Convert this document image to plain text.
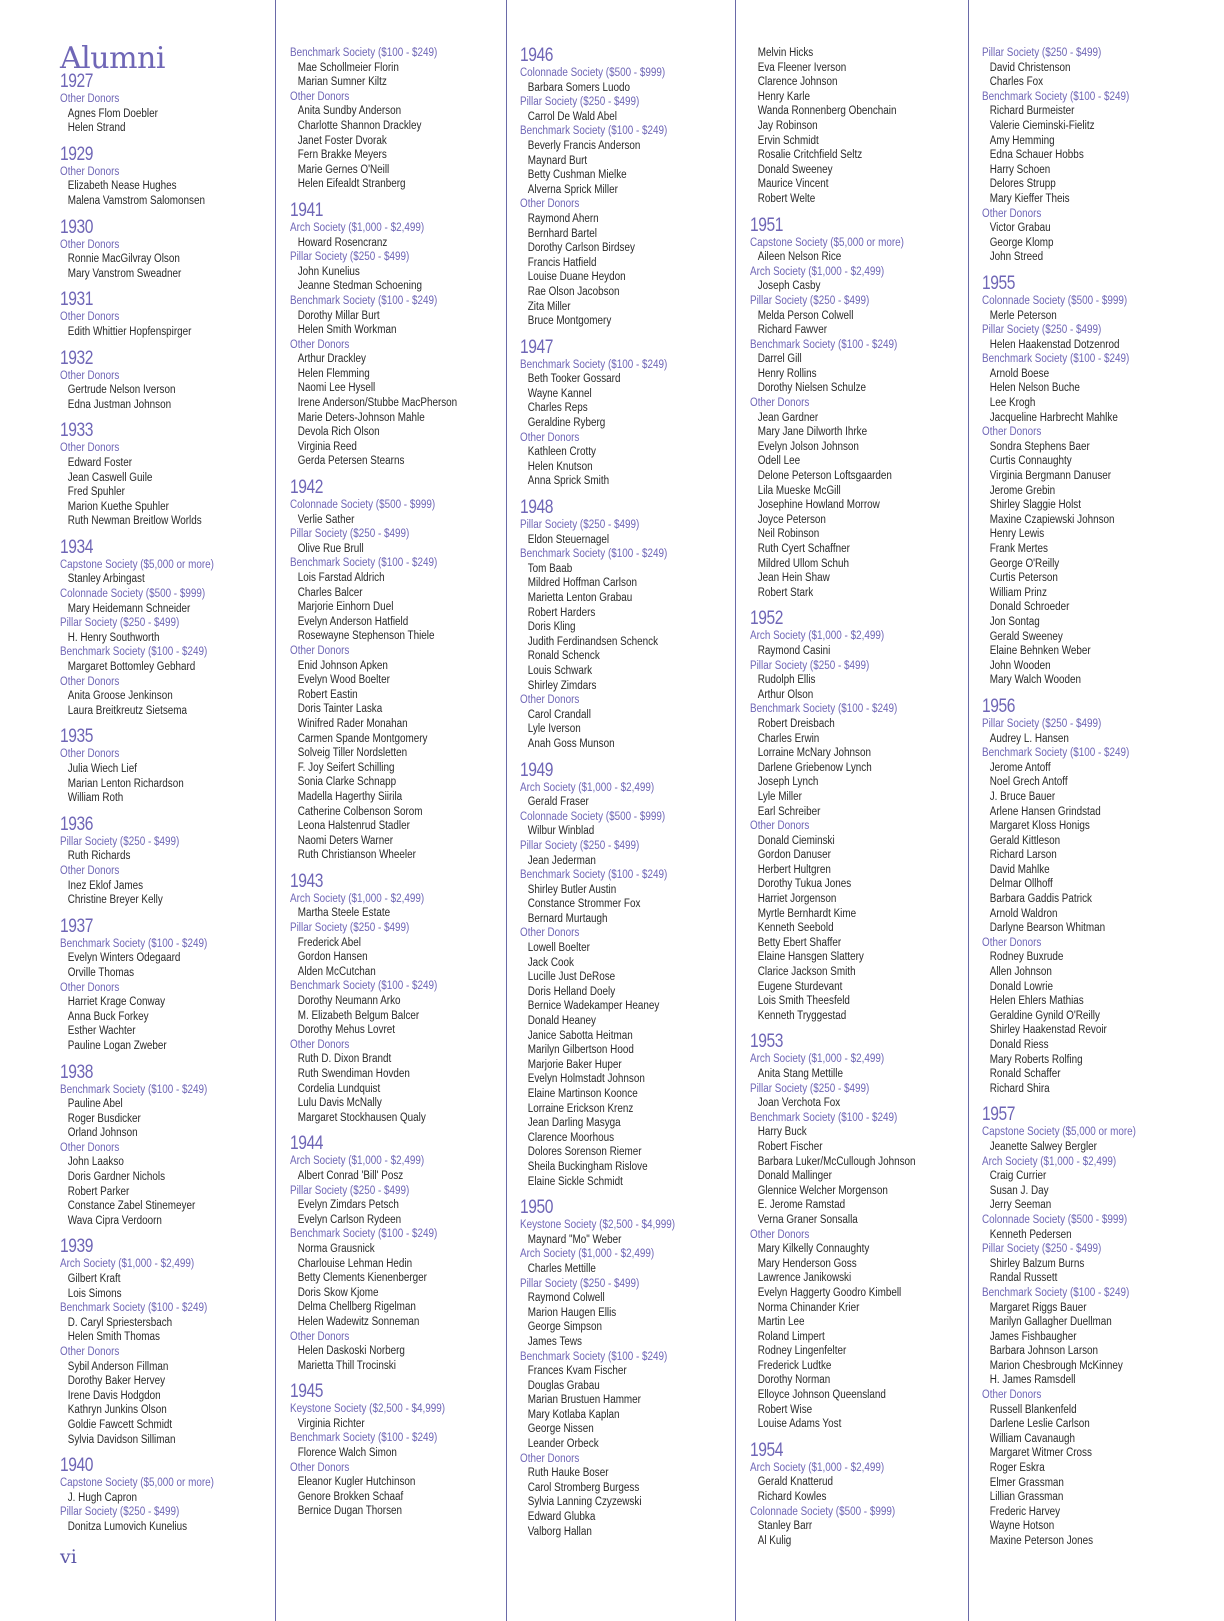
Alumni
1927
Other Donors
Agnes Flom Doebler
Helen Strand
1929
Other Donors
Elizabeth Nease Hughes
Malena Vamstrom Salomonsen
1930
Other Donors
Ronnie MacGilvray Olson
Mary Vanstrom Sweadner
1931
Other Donors
Edith Whittier Hopfenspirger
1932
Other Donors
Gertrude Nelson Iverson
Edna Justman Johnson
1933
Other Donors
Edward Foster
Jean Caswell Guile
Fred Spuhler
Marion Kuethe Spuhler
Ruth Newman Breitlow Worlds
1934
Capstone Society ($5,000 or more)
Stanley Arbingast
Colonnade Society ($500 - $999)
Mary Heidemann Schneider
Pillar Society ($250 - $499)
H. Henry Southworth
Benchmark Society ($100 - $249)
Margaret Bottomley Gebhard
Other Donors
Anita Groose Jenkinson
Laura Breitkreutz Sietsema
1935
Other Donors
Julia Wiech Lief
Marian Lenton Richardson
William Roth
1936
Pillar Society ($250 - $499)
Ruth Richards
Other Donors
Inez Eklof James
Christine Breyer Kelly
1937
Benchmark Society ($100 - $249)
Evelyn Winters Odegaard
Orville Thomas
Other Donors
Harriet Krage Conway
Anna Buck Forkey
Esther Wachter
Pauline Logan Zweber
1938
Benchmark Society ($100 - $249)
Pauline Abel
Roger Busdicker
Orland Johnson
Other Donors
John Laakso
Doris Gardner Nichols
Robert Parker
Constance Zabel Stinemeyer
Wava Cipra Verdoorn
1939
Arch Society ($1,000 - $2,499)
Gilbert Kraft
Lois Simons
Benchmark Society ($100 - $249)
D. Caryl Spriestersbach
Helen Smith Thomas
Other Donors
Sybil Anderson Fillman
Dorothy Baker Hervey
Irene Davis Hodgdon
Kathryn Junkins Olson
Goldie Fawcett Schmidt
Sylvia Davidson Silliman
1940
Capstone Society ($5,000 or more)
J. Hugh Capron
Pillar Society ($250 - $499)
Donitza Lumovich Kunelius
Benchmark Society ($100 - $249)
Mae Schollmeier Florin
Marian Sumner Kiltz
Other Donors
Anita Sundby Anderson
Charlotte Shannon Drackley
Janet Foster Dvorak
Fern Brakke Meyers
Marie Gernes O'Neill
Helen Eifealdt Stranberg
1941
Arch Society ($1,000 - $2,499)
Howard Rosencranz
Pillar Society ($250 - $499)
John Kunelius
Jeanne Stedman Schoening
Benchmark Society ($100 - $249)
Dorothy Millar Burt
Helen Smith Workman
Other Donors
Arthur Drackley
Helen Flemming
Naomi Lee Hysell
Irene Anderson/Stubbe MacPherson
Marie Deters-Johnson Mahle
Devola Rich Olson
Virginia Reed
Gerda Petersen Stearns
1942
Colonnade Society ($500 - $999)
Verlie Sather
Pillar Society ($250 - $499)
Olive Rue Brull
Benchmark Society ($100 - $249)
Lois Farstad Aldrich
Charles Balcer
Marjorie Einhorn Duel
Evelyn Anderson Hatfield
Rosewayne Stephenson Thiele
Other Donors
Enid Johnson Apken
Evelyn Wood Boelter
Robert Eastin
Doris Tainter Laska
Winifred Rader Monahan
Carmen Spande Montgomery
Solveig Tiller Nordsletten
F. Joy Seifert Schilling
Sonia Clarke Schnapp
Madella Hagerthy Siirila
Catherine Colbenson Sorom
Leona Halstenrud Stadler
Naomi Deters Warner
Ruth Christianson Wheeler
1943
Arch Society ($1,000 - $2,499)
Martha Steele Estate
Pillar Society ($250 - $499)
Frederick Abel
Gordon Hansen
Alden McCutchan
Benchmark Society ($100 - $249)
Dorothy Neumann Arko
M. Elizabeth Belgum Balcer
Dorothy Mehus Lovret
Other Donors
Ruth D. Dixon Brandt
Ruth Swendiman Hovden
Cordelia Lundquist
Lulu Davis McNally
Margaret Stockhausen Qualy
1944
Arch Society ($1,000 - $2,499)
Albert Conrad 'Bill' Posz
Pillar Society ($250 - $499)
Evelyn Zimdars Petsch
Evelyn Carlson Rydeen
Benchmark Society ($100 - $249)
Norma Grausnick
Charlouise Lehman Hedin
Betty Clements Kienenberger
Doris Skow Kjome
Delma Chellberg Rigelman
Helen Wadewitz Sonneman
Other Donors
Helen Daskoski Norberg
Marietta Thill Trocinski
1945
Keystone Society ($2,500 - $4,999)
Virginia Richter
Benchmark Society ($100 - $249)
Florence Walch Simon
Other Donors
Eleanor Kugler Hutchinson
Genore Brokken Schaaf
Bernice Dugan Thorsen
1946
Colonnade Society ($500 - $999)
Barbara Somers Luodo
Pillar Society ($250 - $499)
Carrol De Wald Abel
Benchmark Society ($100 - $249)
Beverly Francis Anderson
Maynard Burt
Betty Cushman Mielke
Alverna Sprick Miller
Other Donors
Raymond Ahern
Bernhard Bartel
Dorothy Carlson Birdsey
Francis Hatfield
Louise Duane Heydon
Rae Olson Jacobson
Zita Miller
Bruce Montgomery
1947
Benchmark Society ($100 - $249)
Beth Tooker Gossard
Wayne Kannel
Charles Reps
Geraldine Ryberg
Other Donors
Kathleen Crotty
Helen Knutson
Anna Sprick Smith
1948
Pillar Society ($250 - $499)
Eldon Steuernagel
Benchmark Society ($100 - $249)
Tom Baab
Mildred Hoffman Carlson
Marietta Lenton Grabau
Robert Harders
Doris Kling
Judith Ferdinandsen Schenck
Ronald Schenck
Louis Schwark
Shirley Zimdars
Other Donors
Carol Crandall
Lyle Iverson
Anah Goss Munson
1949
Arch Society ($1,000 - $2,499)
Gerald Fraser
Colonnade Society ($500 - $999)
Wilbur Winblad
Pillar Society ($250 - $499)
Jean Jederman
Benchmark Society ($100 - $249)
Shirley Butler Austin
Constance Strommer Fox
Bernard Murtaugh
Other Donors
Lowell Boelter
Jack Cook
Lucille Just DeRose
Doris Helland Doely
Bernice Wadekamper Heaney
Donald Heaney
Janice Sabotta Heitman
Marilyn Gilbertson Hood
Marjorie Baker Huper
Evelyn Holmstadt Johnson
Elaine Martinson Koonce
Lorraine Erickson Krenz
Jean Darling Masyga
Clarence Moorhous
Dolores Sorenson Riemer
Sheila Buckingham Rislove
Elaine Sickle Schmidt
1950
Keystone Society ($2,500 - $4,999)
Maynard "Mo" Weber
Arch Society ($1,000 - $2,499)
Charles Mettille
Pillar Society ($250 - $499)
Raymond Colwell
Marion Haugen Ellis
George Simpson
James Tews
Benchmark Society ($100 - $249)
Frances Kvam Fischer
Douglas Grabau
Marian Brustuen Hammer
Mary Kotlaba Kaplan
George Nissen
Leander Orbeck
Other Donors
Ruth Hauke Boser
Carol Stromberg Burgess
Sylvia Lanning Czyzewski
Edward Glubka
Valborg Hallan
Melvin Hicks
Eva Fleener Iverson
Clarence Johnson
Henry Karle
Wanda Ronnenberg Obenchain
Jay Robinson
Ervin Schmidt
Rosalie Critchfield Seltz
Donald Sweeney
Maurice Vincent
Robert Welte
1951
Capstone Society ($5,000 or more)
Aileen Nelson Rice
Arch Society ($1,000 - $2,499)
Joseph Casby
Pillar Society ($250 - $499)
Melda Person Colwell
Richard Fawver
Benchmark Society ($100 - $249)
Darrel Gill
Henry Rollins
Dorothy Nielsen Schulze
Other Donors
Jean Gardner
Mary Jane Dilworth Ihrke
Evelyn Jolson Johnson
Odell Lee
Delone Peterson Loftsgaarden
Lila Mueske McGill
Josephine Howland Morrow
Joyce Peterson
Neil Robinson
Ruth Cyert Schaffner
Mildred Ullom Schuh
Jean Hein Shaw
Robert Stark
1952
Arch Society ($1,000 - $2,499)
Raymond Casini
Pillar Society ($250 - $499)
Rudolph Ellis
Arthur Olson
Benchmark Society ($100 - $249)
Robert Dreisbach
Charles Erwin
Lorraine McNary Johnson
Darlene Griebenow Lynch
Joseph Lynch
Lyle Miller
Earl Schreiber
Other Donors
Donald Cieminski
Gordon Danuser
Herbert Hultgren
Dorothy Tukua Jones
Harriet Jorgenson
Myrtle Bernhardt Kime
Kenneth Seebold
Betty Ebert Shaffer
Elaine Hansgen Slattery
Clarice Jackson Smith
Eugene Sturdevant
Lois Smith Theesfeld
Kenneth Tryggestad
1953
Arch Society ($1,000 - $2,499)
Anita Stang Mettille
Pillar Society ($250 - $499)
Joan Verchota Fox
Benchmark Society ($100 - $249)
Harry Buck
Robert Fischer
Barbara Luker/McCullough Johnson
Donald Mallinger
Glennice Welcher Morgenson
E. Jerome Ramstad
Verna Graner Sonsalla
Other Donors
Mary Kilkelly Connaughty
Mary Henderson Goss
Lawrence Janikowski
Evelyn Haggerty Goodro Kimbell
Norma Chinander Krier
Martin Lee
Roland Limpert
Rodney Lingenfelter
Frederick Ludtke
Dorothy Norman
Elloyce Johnson Queensland
Robert Wise
Louise Adams Yost
1954
Arch Society ($1,000 - $2,499)
Gerald Knatterud
Richard Kowles
Colonnade Society ($500 - $999)
Stanley Barr
Al Kulig
Pillar Society ($250 - $499)
David Christenson
Charles Fox
Benchmark Society ($100 - $249)
Richard Burmeister
Valerie Cieminski-Fielitz
Amy Hemming
Edna Schauer Hobbs
Harry Schoen
Delores Strupp
Mary Kieffer Theis
Other Donors
Victor Grabau
George Klomp
John Streed
1955
Colonnade Society ($500 - $999)
Merle Peterson
Pillar Society ($250 - $499)
Helen Haakenstad Dotzenrod
Benchmark Society ($100 - $249)
Arnold Boese
Helen Nelson Buche
Lee Krogh
Jacqueline Harbrecht Mahlke
Other Donors
Sondra Stephens Baer
Curtis Connaughty
Virginia Bergmann Danuser
Jerome Grebin
Shirley Slaggie Holst
Maxine Czapiewski Johnson
Henry Lewis
Frank Mertes
George O'Reilly
Curtis Peterson
William Prinz
Donald Schroeder
Jon Sontag
Gerald Sweeney
Elaine Behnken Weber
John Wooden
Mary Walch Wooden
1956
Pillar Society ($250 - $499)
Audrey L. Hansen
Benchmark Society ($100 - $249)
Jerome Antoff
Noel Grech Antoff
J. Bruce Bauer
Arlene Hansen Grindstad
Margaret Kloss Honigs
Gerald Kittleson
Richard Larson
David Mahlke
Delmar Ollhoff
Barbara Gaddis Patrick
Arnold Waldron
Darlyne Bearson Whitman
Other Donors
Rodney Buxrude
Allen Johnson
Donald Lowrie
Helen Ehlers Mathias
Geraldine Gynild O'Reilly
Shirley Haakenstad Revoir
Donald Riess
Mary Roberts Rolfing
Ronald Schaffer
Richard Shira
1957
Capstone Society ($5,000 or more)
Jeanette Salwey Bergler
Arch Society ($1,000 - $2,499)
Craig Currier
Susan J. Day
Jerry Seeman
Colonnade Society ($500 - $999)
Kenneth Pedersen
Pillar Society ($250 - $499)
Shirley Balzum Burns
Randal Russett
Benchmark Society ($100 - $249)
Margaret Riggs Bauer
Marilyn Gallagher Duellman
James Fishbaugher
Barbara Johnson Larson
Marion Chesbrough McKinney
H. James Ramsdell
Other Donors
Russell Blankenfeld
Darlene Leslie Carlson
William Cavanaugh
Margaret Witmer Cross
Roger Eskra
Elmer Grassman
Lillian Grassman
Frederic Harvey
Wayne Hotson
Maxine Peterson Jones
vi
